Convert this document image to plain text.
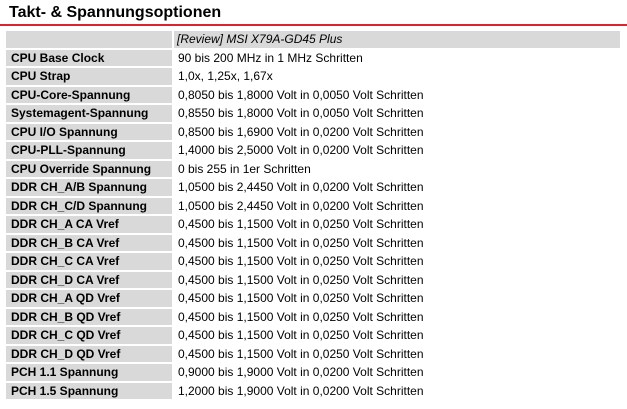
Takt- & Spannungsoptionen
	[Review] MSI X79A-GD45 Plus
CPU Base Clock	90 bis 200 MHz in 1 MHz Schritten
CPU Strap	1,0x, 1,25x, 1,67x
CPU-Core-Spannung	0,8050 bis 1,8000 Volt in 0,0050 Volt Schritten
Systemagent-Spannung	0,8550 bis 1,8000 Volt in 0,0050 Volt Schritten
CPU I/O Spannung	0,8500 bis 1,6900 Volt in 0,0200 Volt Schritten
CPU-PLL-Spannung	1,4000 bis 2,5000 Volt in 0,0200 Volt Schritten
CPU Override Spannung	0 bis 255 in 1er Schritten
DDR CH_A/B Spannung	1,0500 bis 2,4450 Volt in 0,0200 Volt Schritten
DDR CH_C/D Spannung	1,0500 bis 2,4450 Volt in 0,0200 Volt Schritten
DDR CH_A CA Vref	0,4500 bis 1,1500 Volt in 0,0250 Volt Schritten
DDR CH_B CA Vref	0,4500 bis 1,1500 Volt in 0,0250 Volt Schritten
DDR CH_C CA Vref	0,4500 bis 1,1500 Volt in 0,0250 Volt Schritten
DDR CH_D CA Vref	0,4500 bis 1,1500 Volt in 0,0250 Volt Schritten
DDR CH_A QD Vref	0,4500 bis 1,1500 Volt in 0,0250 Volt Schritten
DDR CH_B QD Vref	0,4500 bis 1,1500 Volt in 0,0250 Volt Schritten
DDR CH_C QD Vref	0,4500 bis 1,1500 Volt in 0,0250 Volt Schritten
DDR CH_D QD Vref	0,4500 bis 1,1500 Volt in 0,0250 Volt Schritten
PCH 1.1 Spannung	0,9000 bis 1,9000 Volt in 0,0200 Volt Schritten
PCH 1.5 Spannung	1,2000 bis 1,9000 Volt in 0,0200 Volt Schritten
